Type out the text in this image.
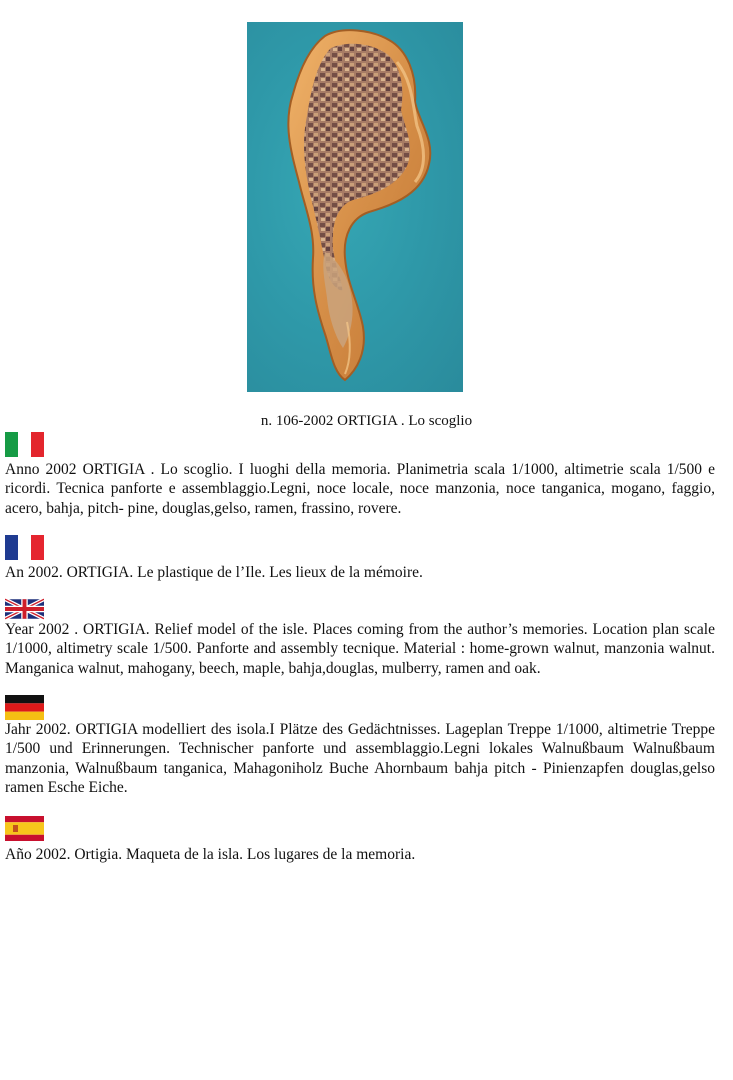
n. 106-2002 ORTIGIA . Lo scoglio
Anno 2002 ORTIGIA . Lo scoglio. I luoghi della memoria. Planimetria scala 1/1000, altimetrie scala 1/500 e ricordi. Tecnica panforte e assemblaggio.Legni, noce locale, noce manzonia, noce tanganica, mogano, faggio, acero, bahja, pitch- pine, douglas,gelso, ramen, frassino, rovere.
An 2002. ORTIGIA. Le plastique de l’Ile. Les lieux de la mémoire.
Year 2002 . ORTIGIA. Relief model of the isle. Places coming from the author’s memories. Location plan scale 1/1000, altimetry scale 1/500. Panforte and assembly tecnique. Material : home-grown walnut, manzonia walnut. Manganica walnut, mahogany, beech, maple, bahja,douglas, mulberry, ramen and oak.
Jahr 2002. ORTIGIA modelliert des isola.I Plätze des Gedächtnisses. Lageplan Treppe 1/1000, altimetrie Treppe 1/500 und Erinnerungen. Technischer panforte und assemblaggio.Legni lokales Walnußbaum Walnußbaum manzonia, Walnußbaum tanganica, Mahagoniholz Buche Ahornbaum bahja pitch - Pinienzapfen douglas,gelso ramen Esche Eiche.
Año 2002. Ortigia. Maqueta de la isla. Los lugares de la memoria.
